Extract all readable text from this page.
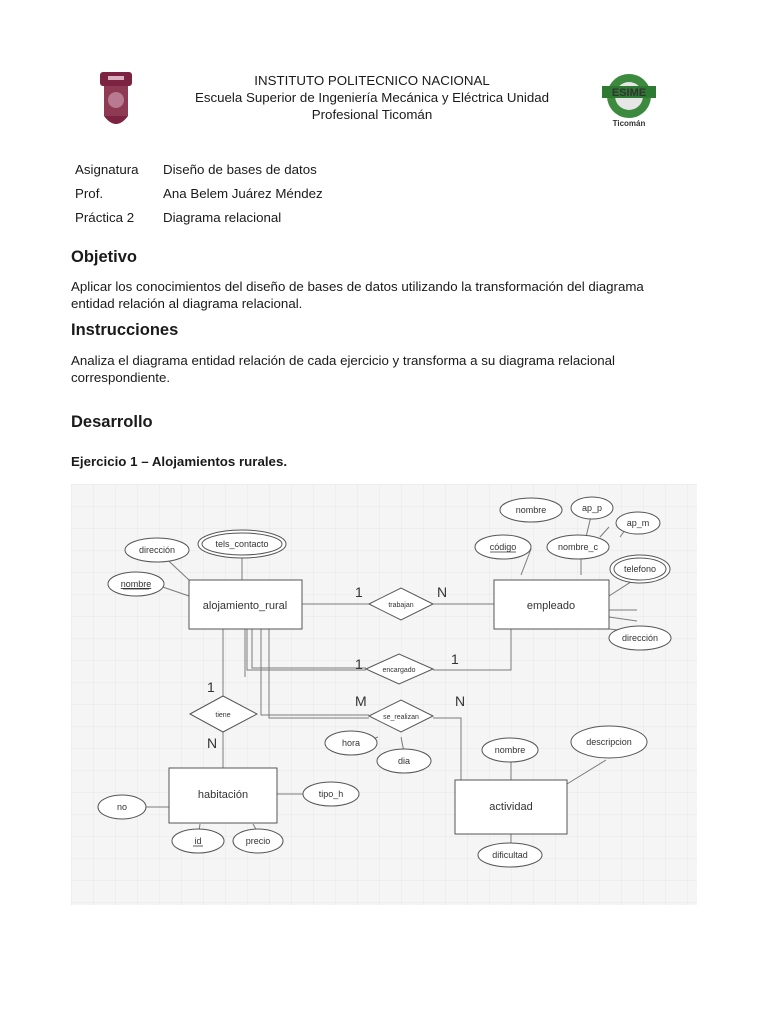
ESIME
Ticomán
INSTITUTO POLITECNICO NACIONAL
Escuela Superior de Ingeniería Mecánica y Eléctrica Unidad
Profesional Ticomán
Asignatura Diseño de bases de datos
Prof.	Ana Belem Juárez Méndez
Práctica 2 Diagrama relacional
Objetivo
Aplicar los conocimientos del diseño de bases de datos utilizando la transformación del diagrama entidad relación al diagrama relacional.
Instrucciones
Analiza el diagrama entidad relación de cada ejercicio y transforma a su diagrama relacional correspondiente.
Desarrollo
Ejercicio 1 – Alojamientos rurales.
alojamiento_rural	empleado
habitación
actividad
trabajan
encargado
tiene	se_realizan
dirección
tels_contacto
nombre
nombre	ap_p
ap_m
código	nombre_c
telefono
dirección
hora
dia
nombre
descripcion
dificultad
no
tipo_h
id	precio
1	N
1	1
1
N
M	N
